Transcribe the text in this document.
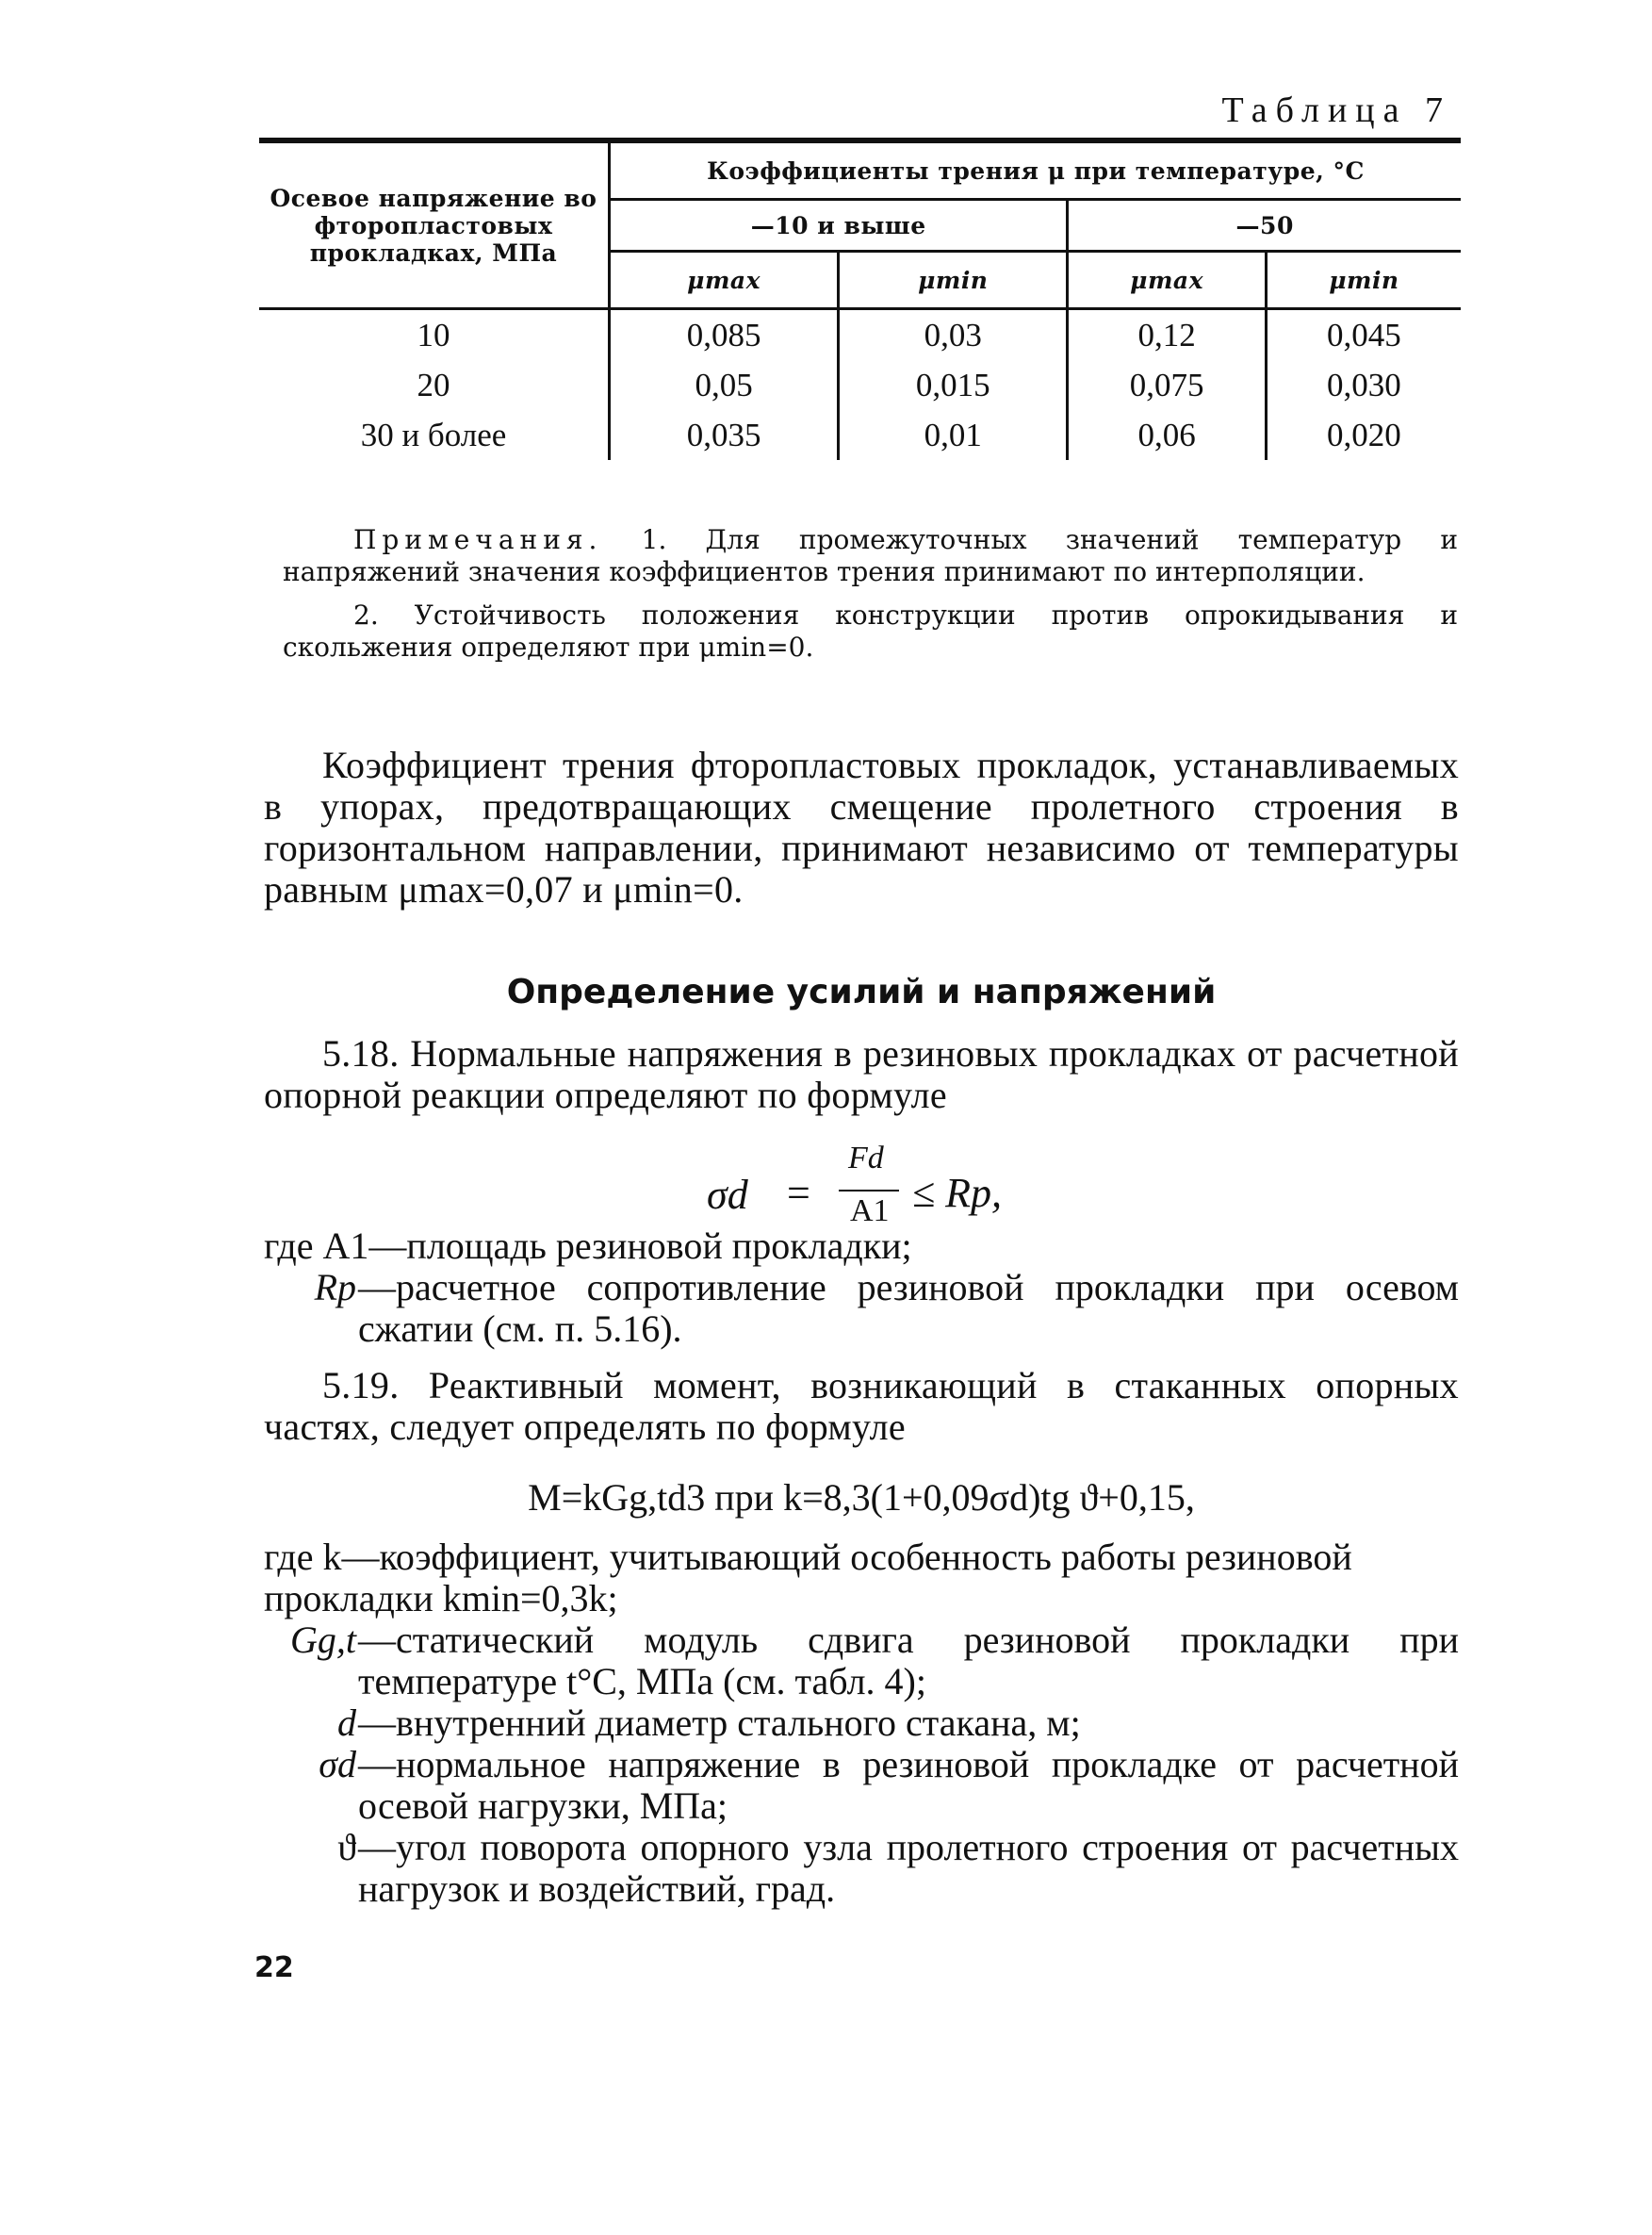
Таблица 7
Осевое напряжение во фторопластовых прокладках, МПа	Коэффициенты трения μ при температуре, °С			
	—10 и выше		—50	
	μmax	μmin	μmax	μmin
10	0,085	0,03	0,12	0,045
20	0,05	0,015	0,075	0,030
30 и более	0,035	0,01	0,06	0,020

Примечания. 1. Для промежуточных значений температур и напряжений значения коэффициентов трения принимают по интерполяции.

2. Устойчивость положения конструкции против опрокидывания и скольжения определяют при μmin=0.

Коэффициент трения фторопластовых прокладок, устанавливаемых в упорах, предотвращающих смещение пролетного строения в горизонтальном направлении, принимают независимо от температуры равным μmax=0,07 и μmin=0.

Определение усилий и напряжений

5.18. Нормальные напряжения в резиновых прокладках от расчетной опорной реакции определяют по формуле

σd =
Fd
A1 ≤ Rp,

где A1—площадь резиновой прокладки;

Rp —расчетное сопротивление резиновой прокладки при осевом сжатии (см. п. 5.16).

5.19. Реактивный момент, возникающий в стаканных опорных частях, следует определять по формуле

M=kGg,td3 при k=8,3(1+0,09σd)tg ϑ+0,15,

где k—коэффициент, учитывающий особенность работы резиновой прокладки kmin=0,3k;

Gg,t —статический модуль сдвига резиновой прокладки при температуре t°С, МПа (см. табл. 4);

d —внутренний диаметр стального стакана, м;

σd —нормальное напряжение в резиновой прокладке от расчетной осевой нагрузки, МПа;

ϑ —угол поворота опорного узла пролетного строения от расчетных нагрузок и воздействий, град.

22
